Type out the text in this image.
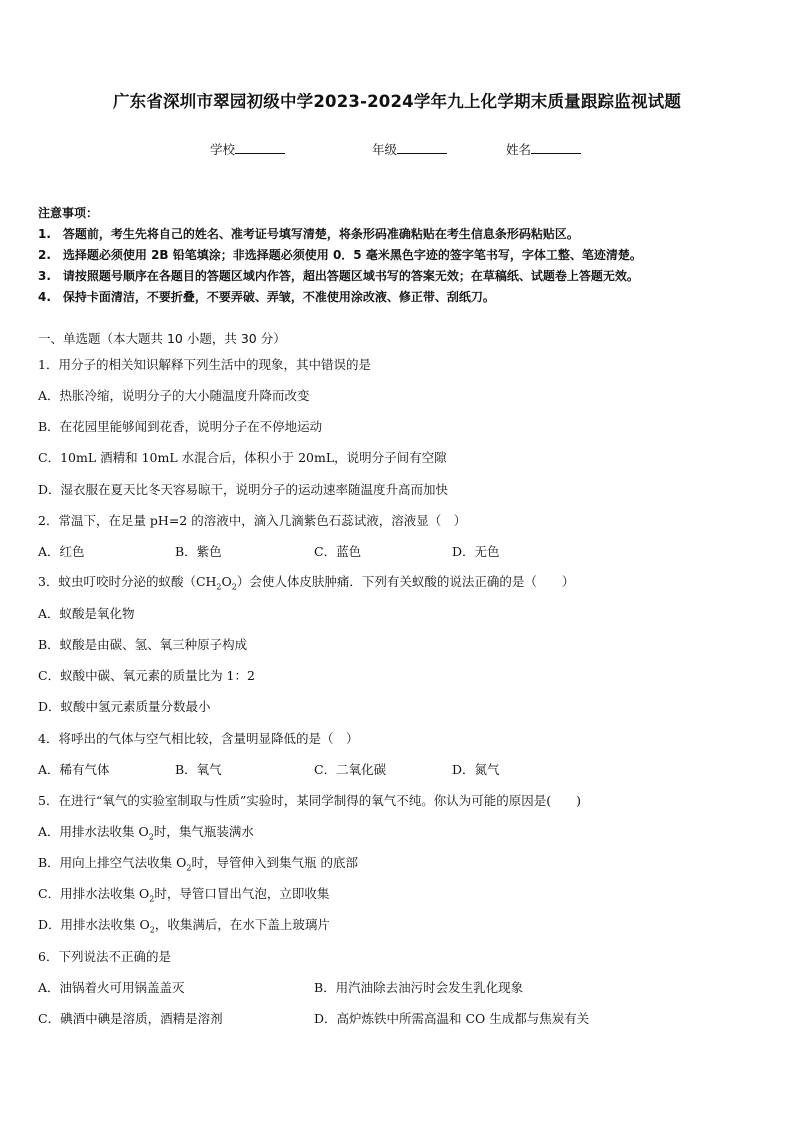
广东省深圳市翠园初级中学2023-2024学年九上化学期末质量跟踪监视试题
学校	年级	姓名
注意事项：
1.　答题前，考生先将自己的姓名、准考证号填写清楚，将条形码准确粘贴在考生信息条形码粘贴区。
2.　选择题必须使用 2B 铅笔填涂；非选择题必须使用 0．5 毫米黑色字迹的签字笔书写，字体工整、笔迹清楚。
3.　请按照题号顺序在各题目的答题区域内作答，超出答题区域书写的答案无效；在草稿纸、试题卷上答题无效。
4.　保持卡面清洁，不要折叠，不要弄破、弄皱，不准使用涂改液、修正带、刮纸刀。
一、单选题（本大题共 10 小题，共 30 分）
1．用分子的相关知识解释下列生活中的现象，其中错误的是
A．热胀冷缩，说明分子的大小随温度升降而改变
B．在花园里能够闻到花香，说明分子在不停地运动
C．10mL 酒精和 10mL 水混合后，体积小于 20mL，说明分子间有空隙
D．湿衣服在夏天比冬天容易晾干，说明分子的运动速率随温度升高而加快
2．常温下，在足量 pH=2 的溶液中，滴入几滴紫色石蕊试液，溶液显（　）
A．红色	B．紫色	C．蓝色	D．无色
3．蚊虫叮咬时分泌的蚁酸$(CH_2O_2)$会使人体皮肤肿痛．下列有关蚁酸的说法正确的是（　　）
A．蚁酸是氧化物
B．蚁酸是由碳、氢、氧三种原子构成
C．蚁酸中碳、氧元素的质量比为 1：2
D．蚁酸中氢元素质量分数最小
4．将呼出的气体与空气相比较，含量明显降低的是（　）
A．稀有气体	B．氧气	C．二氧化碳	D．氮气
5．在进行“氧气的实验室制取与性质”实验时，某同学制得的氧气不纯。你认为可能的原因是(　　)
A．用排水法收集 $O_2$时，集气瓶装满水
B．用向上排空气法收集 $O_2$时，导管伸入到集气瓶 的底部
C．用排水法收集 $O_2$时，导管口冒出气泡，立即收集
D．用排水法收集 $O_2$，收集满后，在水下盖上玻璃片
6．下列说法不正确的是
A．油锅着火可用锅盖盖灭	B．用汽油除去油污时会发生乳化现象
C．碘酒中碘是溶质，酒精是溶剂	D．高炉炼铁中所需高温和 CO 生成都与焦炭有关
